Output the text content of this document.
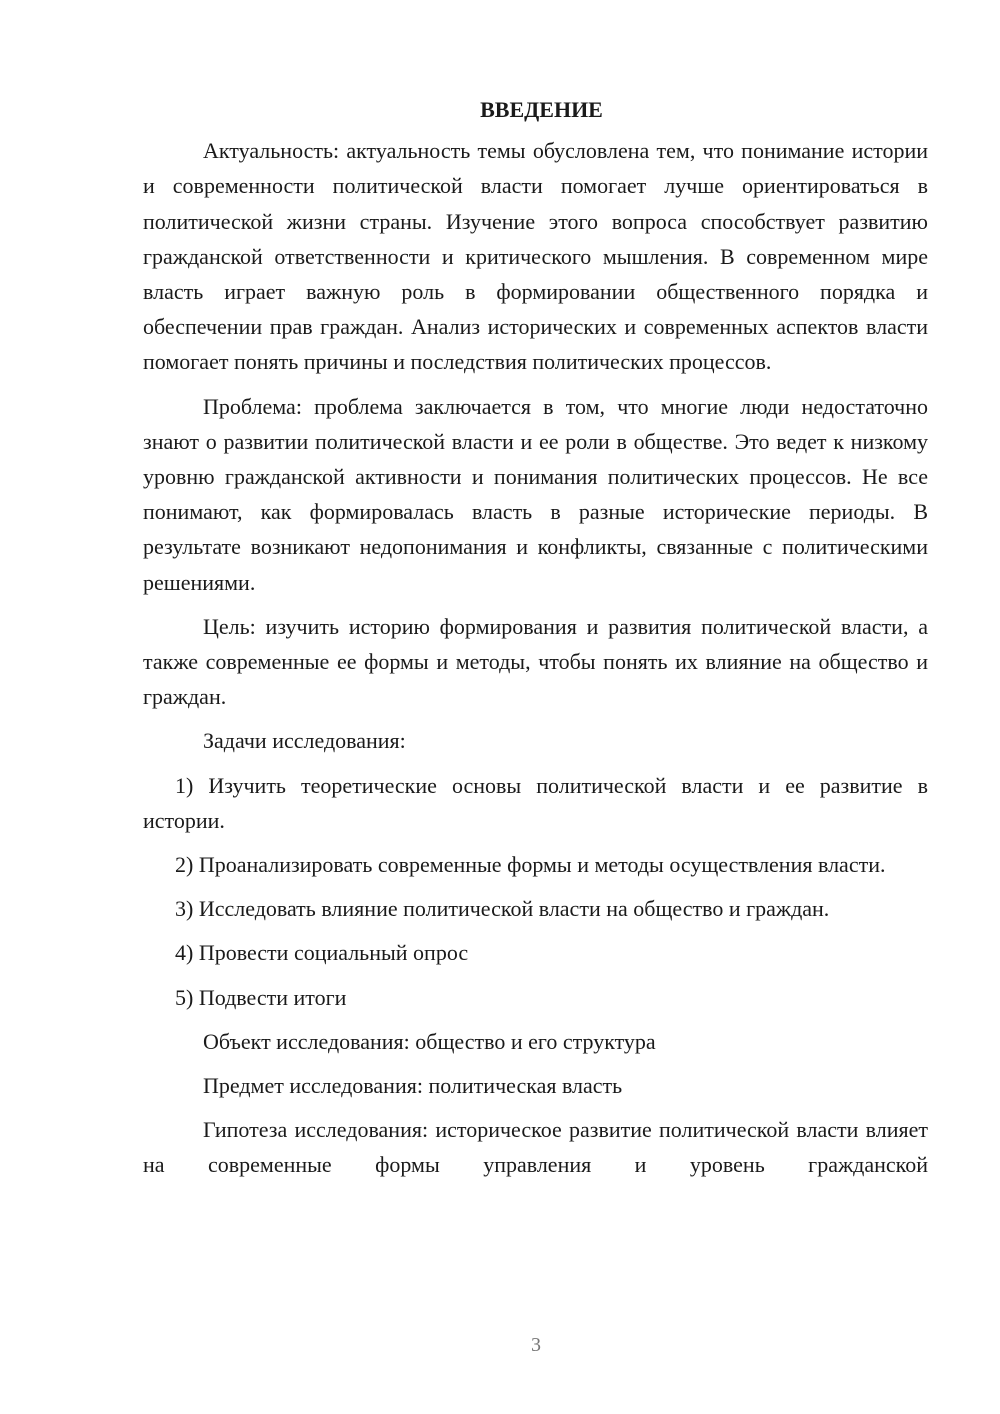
ВВЕДЕНИЕ

Актуальность: актуальность темы обусловлена тем, что понимание истории и современности политической власти помогает лучше ориентироваться в политической жизни страны. Изучение этого вопроса способствует развитию гражданской ответственности и критического мышления. В современном мире власть играет важную роль в формировании общественного порядка и обеспечении прав граждан. Анализ исторических и современных аспектов власти помогает понять причины и последствия политических процессов.

Проблема: проблема заключается в том, что многие люди недостаточно знают о развитии политической власти и ее роли в обществе. Это ведет к низкому уровню гражданской активности и понимания политических процессов. Не все понимают, как формировалась власть в разные исторические периоды. В результате возникают недопонимания и конфликты, связанные с политическими решениями.

Цель: изучить историю формирования и развития политической власти, а также современные ее формы и методы, чтобы понять их влияние на общество и граждан.

Задачи исследования:

1) Изучить теоретические основы политической власти и ее развитие в истории.

2) Проанализировать современные формы и методы осуществления власти.

3) Исследовать влияние политической власти на общество и граждан.

4) Провести социальный опрос

5) Подвести итоги

Объект исследования: общество и его структура

Предмет исследования: политическая власть

Гипотеза исследования: историческое развитие политической власти влияет на современные формы управления и уровень гражданской

3
